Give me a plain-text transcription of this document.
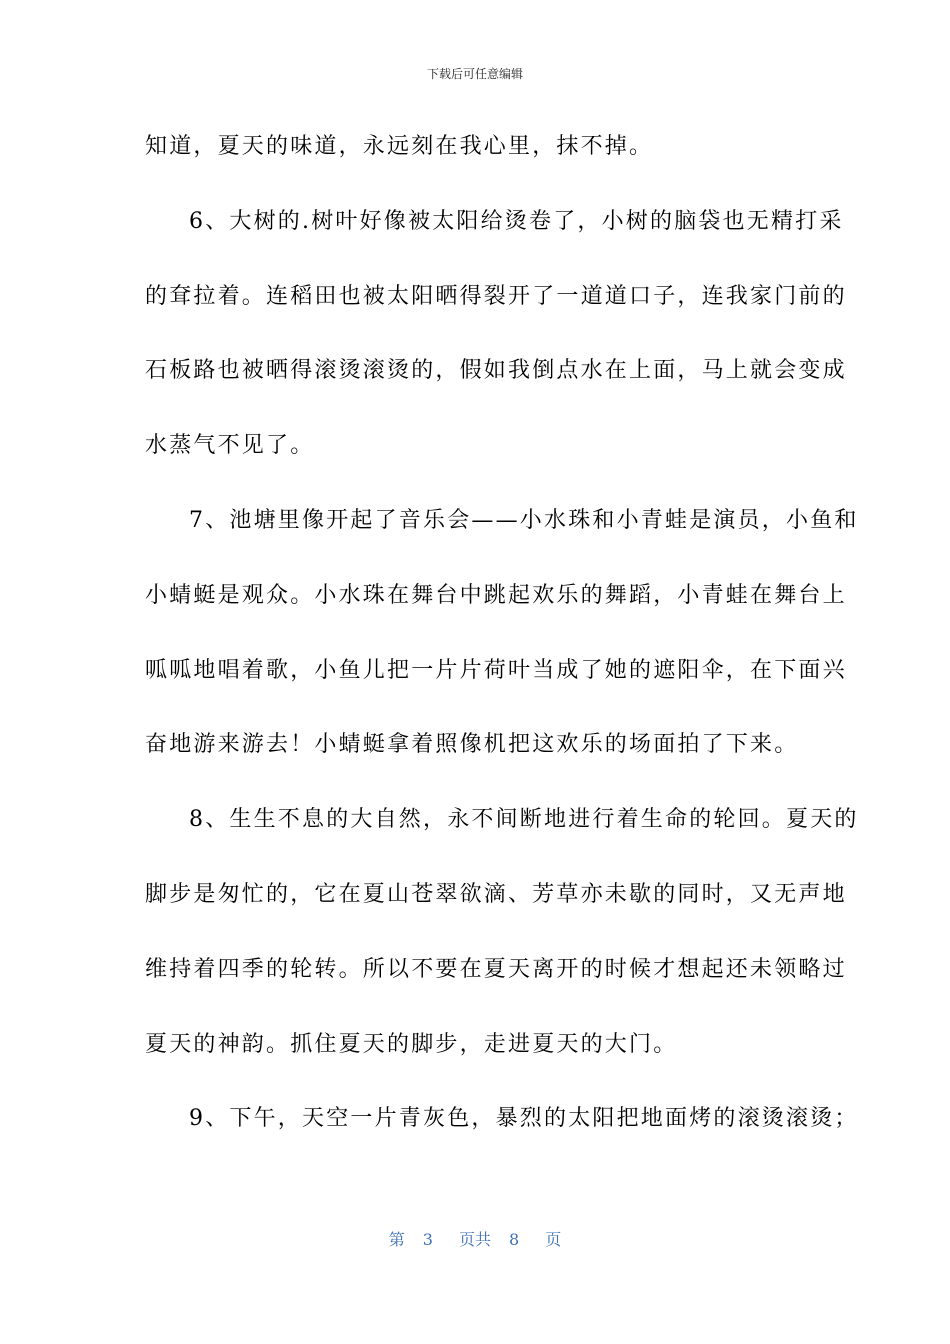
下载后可任意编辑
知道，夏天的味道，永远刻在我心里，抹不掉。
6、大树的.树叶好像被太阳给烫卷了，小树的脑袋也无精打采
的耷拉着。连稻田也被太阳晒得裂开了一道道口子，连我家门前的
石板路也被晒得滚烫滚烫的，假如我倒点水在上面，马上就会变成
水蒸气不见了。
7、池塘里像开起了音乐会——小水珠和小青蛙是演员，小鱼和
小蜻蜓是观众。小水珠在舞台中跳起欢乐的舞蹈，小青蛙在舞台上
呱呱地唱着歌，小鱼儿把一片片荷叶当成了她的遮阳伞，在下面兴
奋地游来游去！小蜻蜓拿着照像机把这欢乐的场面拍了下来。
8、生生不息的大自然，永不间断地进行着生命的轮回。夏天的
脚步是匆忙的，它在夏山苍翠欲滴、芳草亦未歇的同时，又无声地
维持着四季的轮转。所以不要在夏天离开的时候才想起还未领略过
夏天的神韵。抓住夏天的脚步，走进夏天的大门。
9、下午，天空一片青灰色，暴烈的太阳把地面烤的滚烫滚烫；
第 3 页共 8 页
